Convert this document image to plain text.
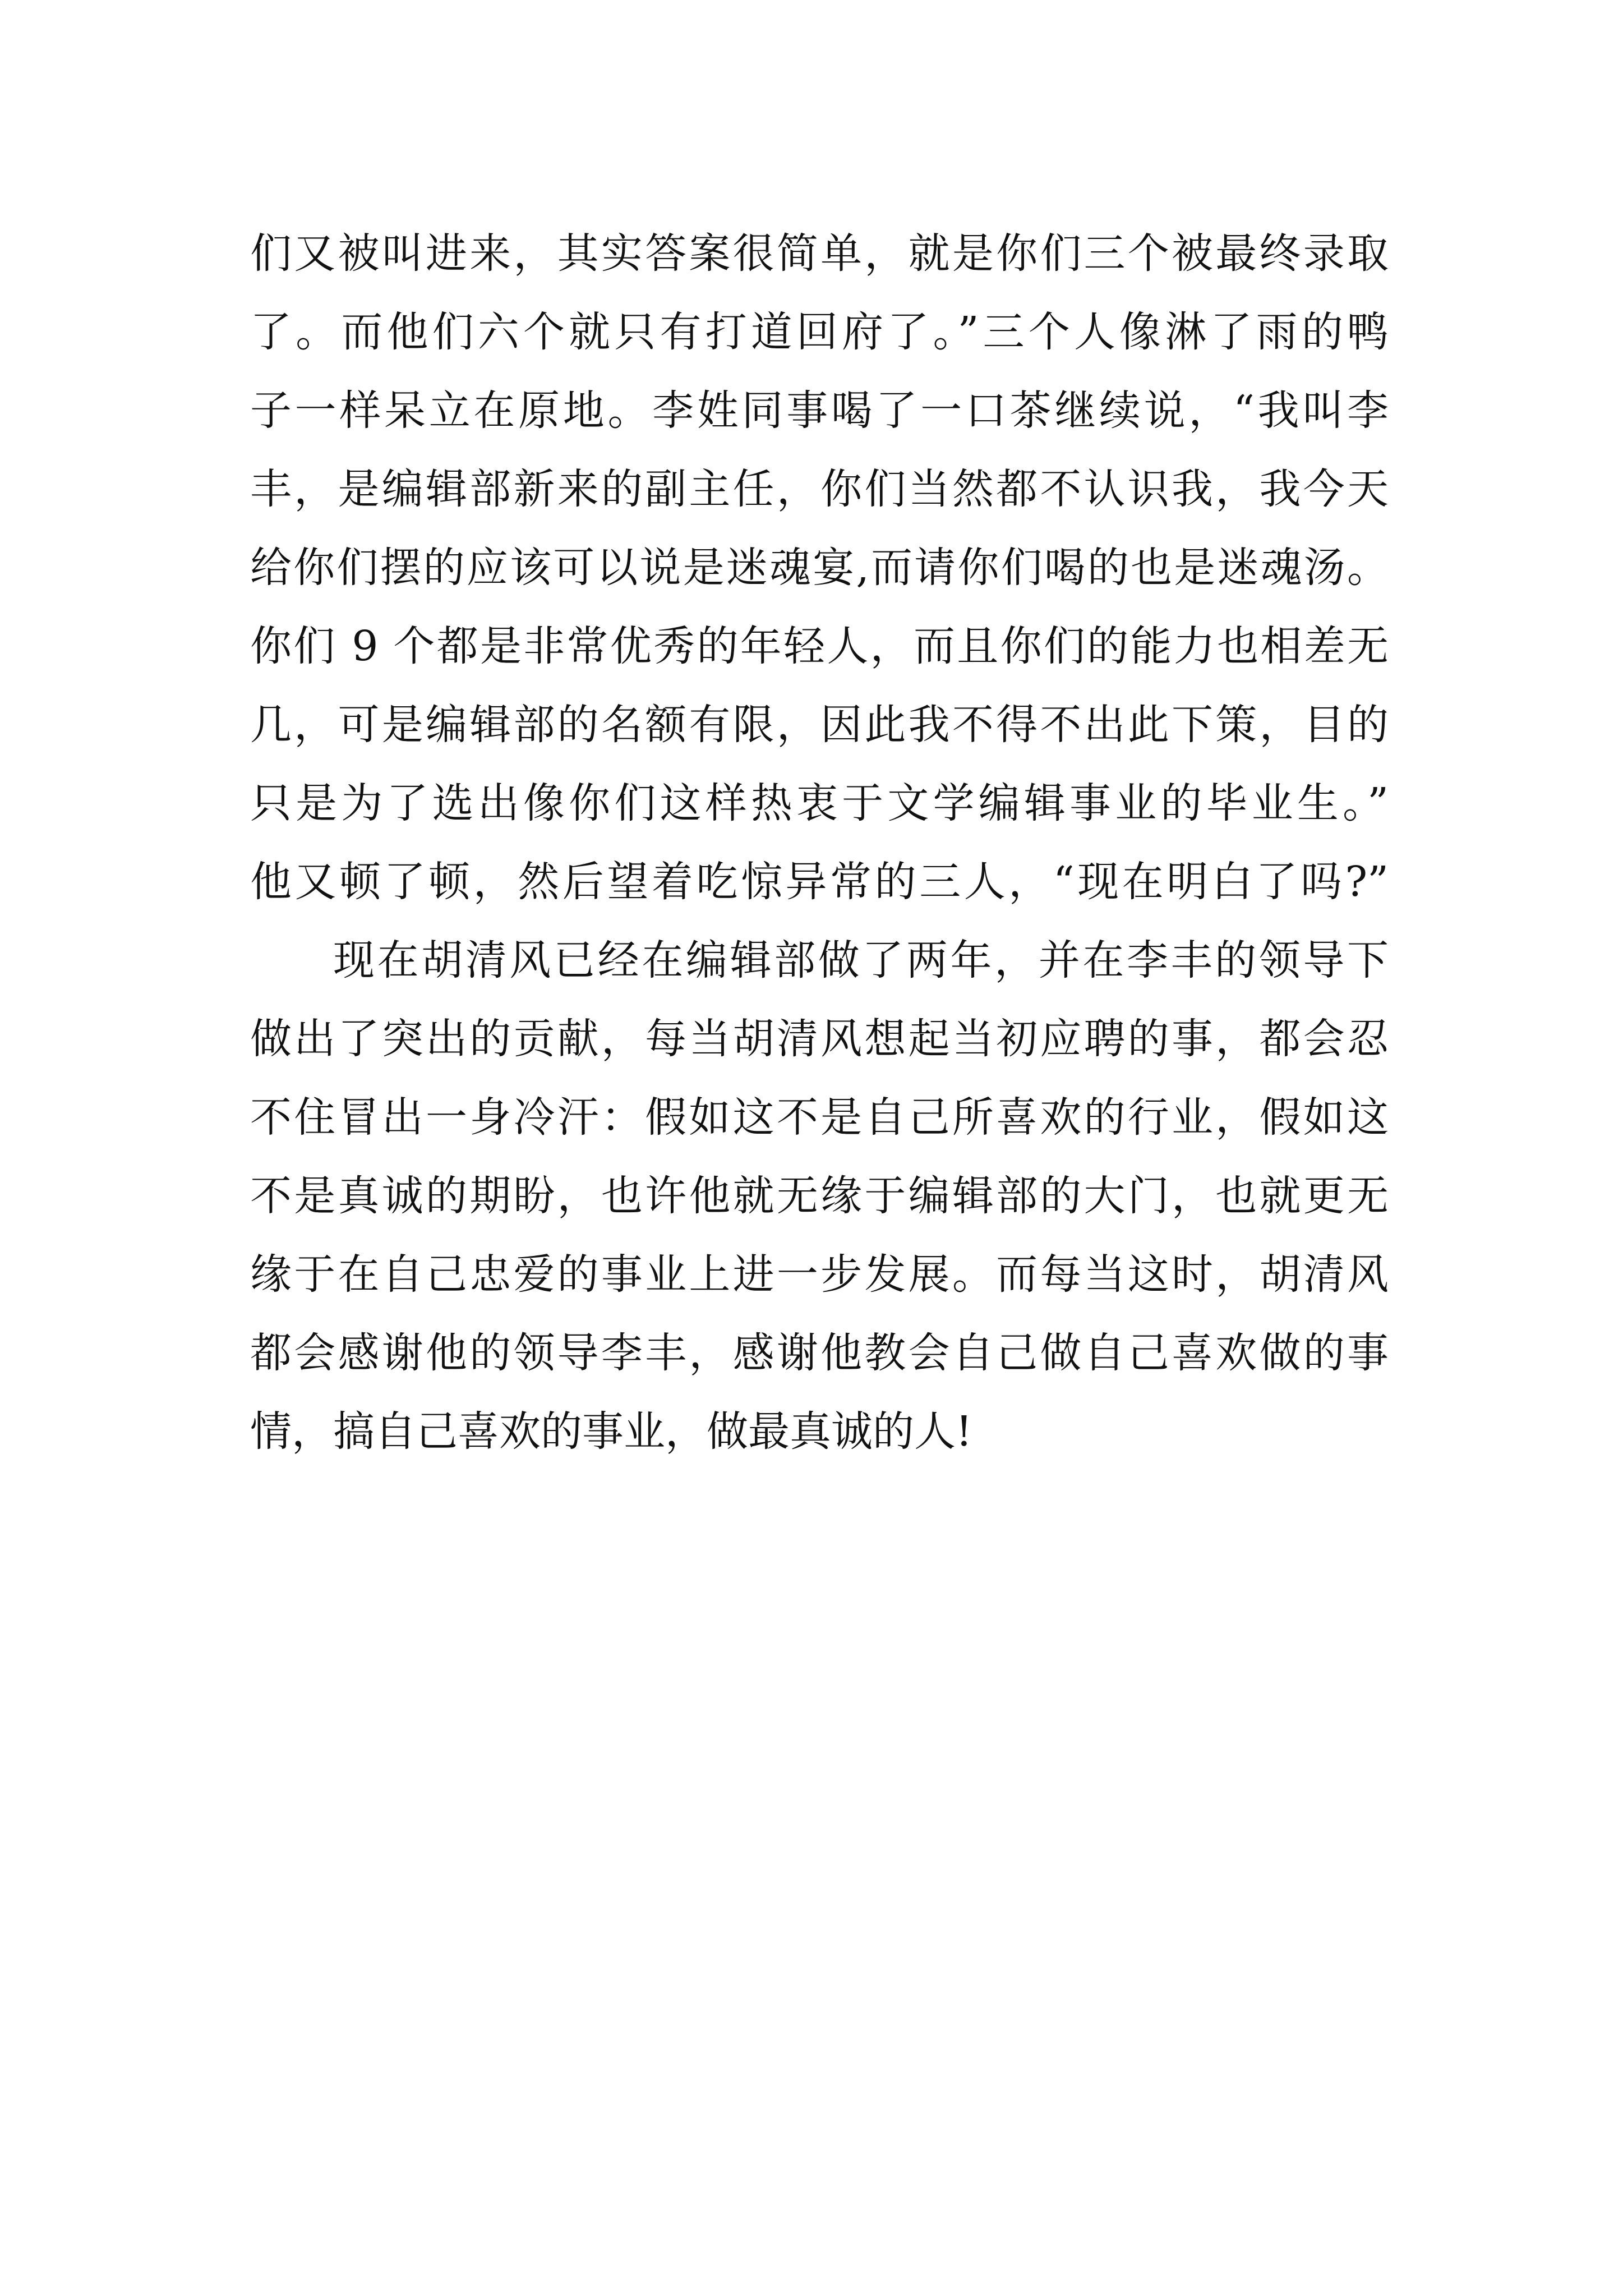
们又被叫进来，其实答案很简单，就是你们三个被最终录取
了。而他们六个就只有打道回府了。”三个人像淋了雨的鸭
子一样呆立在原地。李姓同事喝了一口茶继续说，“我叫李
丰，是编辑部新来的副主任，你们当然都不认识我，我今天
给你们摆的应该可以说是迷魂宴,而请你们喝的也是迷魂汤。
你们 9 个都是非常优秀的年轻人，而且你们的能力也相差无
几，可是编辑部的名额有限，因此我不得不出此下策，目的
只是为了选出像你们这样热衷于文学编辑事业的毕业生。”
他又顿了顿，然后望着吃惊异常的三人，“现在明白了吗?”
现在胡清风已经在编辑部做了两年，并在李丰的领导下
做出了突出的贡献，每当胡清风想起当初应聘的事，都会忍
不住冒出一身冷汗：假如这不是自己所喜欢的行业，假如这
不是真诚的期盼，也许他就无缘于编辑部的大门，也就更无
缘于在自己忠爱的事业上进一步发展。而每当这时，胡清风
都会感谢他的领导李丰，感谢他教会自己做自己喜欢做的事
情，搞自己喜欢的事业，做最真诚的人!
